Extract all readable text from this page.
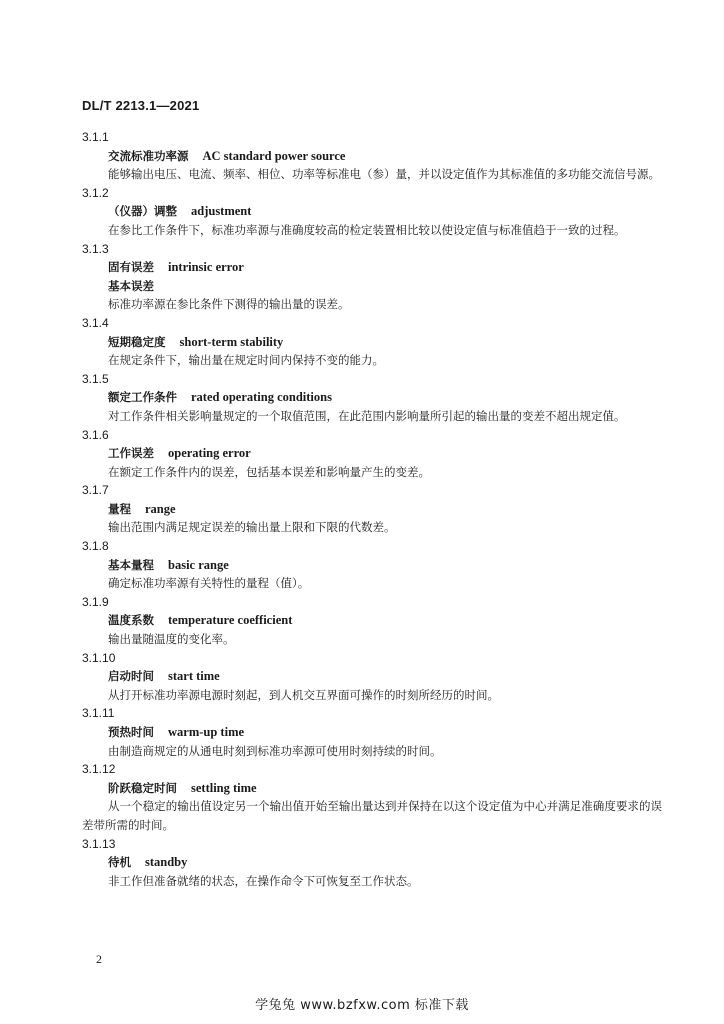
DL/T 2213.1—2021
3.1.1
交流标准功率源 AC standard power source

能够输出电压、电流、频率、相位、功率等标准电（参）量，并以设定值作为其标准值的多功能交流信号源。

3.1.2
（仪器）调整 adjustment

在参比工作条件下，标准功率源与准确度较高的检定装置相比较以使设定值与标准值趋于一致的过程。

3.1.3
固有误差 intrinsic error
基本误差

标准功率源在参比条件下测得的输出量的误差。

3.1.4
短期稳定度 short-term stability

在规定条件下，输出量在规定时间内保持不变的能力。

3.1.5
额定工作条件 rated operating conditions

对工作条件相关影响量规定的一个取值范围，在此范围内影响量所引起的输出量的变差不超出规定值。

3.1.6
工作误差 operating error

在额定工作条件内的误差，包括基本误差和影响量产生的变差。

3.1.7
量程 range

输出范围内满足规定误差的输出量上限和下限的代数差。

3.1.8
基本量程 basic range

确定标准功率源有关特性的量程（值）。

3.1.9
温度系数 temperature coefficient

输出量随温度的变化率。

3.1.10
启动时间 start time

从打开标准功率源电源时刻起，到人机交互界面可操作的时刻所经历的时间。

3.1.11
预热时间 warm-up time

由制造商规定的从通电时刻到标准功率源可使用时刻持续的时间。

3.1.12
阶跃稳定时间 settling time

从一个稳定的输出值设定另一个输出值开始至输出量达到并保持在以这个设定值为中心并满足准确度要求的误差带所需的时间。

3.1.13
待机 standby

非工作但准备就绪的状态，在操作命令下可恢复至工作状态。

2
学兔兔 www.bzfxw.com 标准下载
